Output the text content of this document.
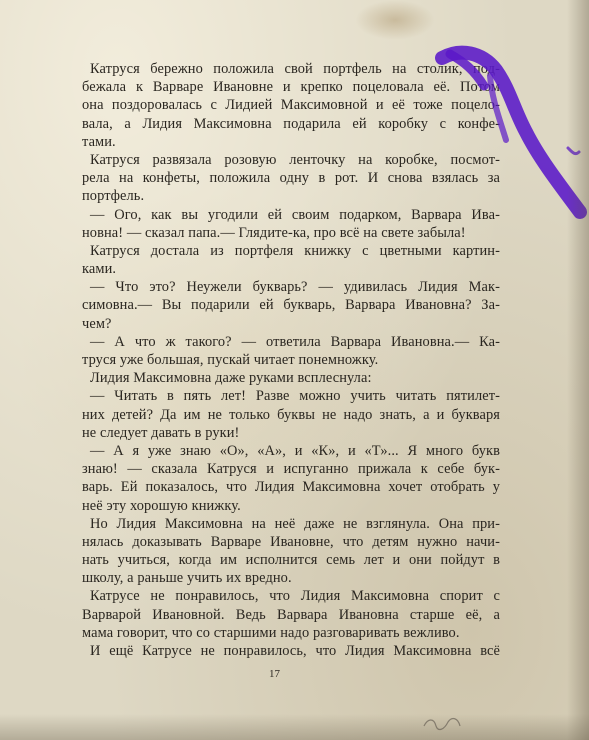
Катруся бережно положила свой портфель на столик, под-
бежала к Варваре Ивановне и крепко поцеловала её. Потом
она поздоровалась с Лидией Максимовной и её тоже поцело-
вала, а Лидия Максимовна подарила ей коробку с конфе-
тами.
Катруся развязала розовую ленточку на коробке, посмот-
рела на конфеты, положила одну в рот. И снова взялась за
портфель.
— Ого, как вы угодили ей своим подарком, Варвара Ива-
новна! — сказал папа.— Глядите-ка, про всё на свете забыла!
Катруся достала из портфеля книжку с цветными картин-
ками.
— Что это? Неужели букварь? — удивилась Лидия Мак-
симовна.— Вы подарили ей букварь, Варвара Ивановна? За-
чем?
— А что ж такого? — ответила Варвара Ивановна.— Ка-
труся уже большая, пускай читает понемножку.
Лидия Максимовна даже руками всплеснула:
— Читать в пять лет! Разве можно учить читать пятилет-
них детей? Да им не только буквы не надо знать, а и букваря
не следует давать в руки!
— А я уже знаю «О», «А», и «К», и «Т»... Я много букв
знаю! — сказала Катруся и испуганно прижала к себе бук-
варь. Ей показалось, что Лидия Максимовна хочет отобрать у
неё эту хорошую книжку.
Но Лидия Максимовна на неё даже не взглянула. Она при-
нялась доказывать Варваре Ивановне, что детям нужно начи-
нать учиться, когда им исполнится семь лет и они пойдут в
школу, а раньше учить их вредно.
Катрусе не понравилось, что Лидия Максимовна спорит с
Варварой Ивановной. Ведь Варвара Ивановна старше её, а
мама говорит, что со старшими надо разговаривать вежливо.
И ещё Катрусе не понравилось, что Лидия Максимовна всё
17
